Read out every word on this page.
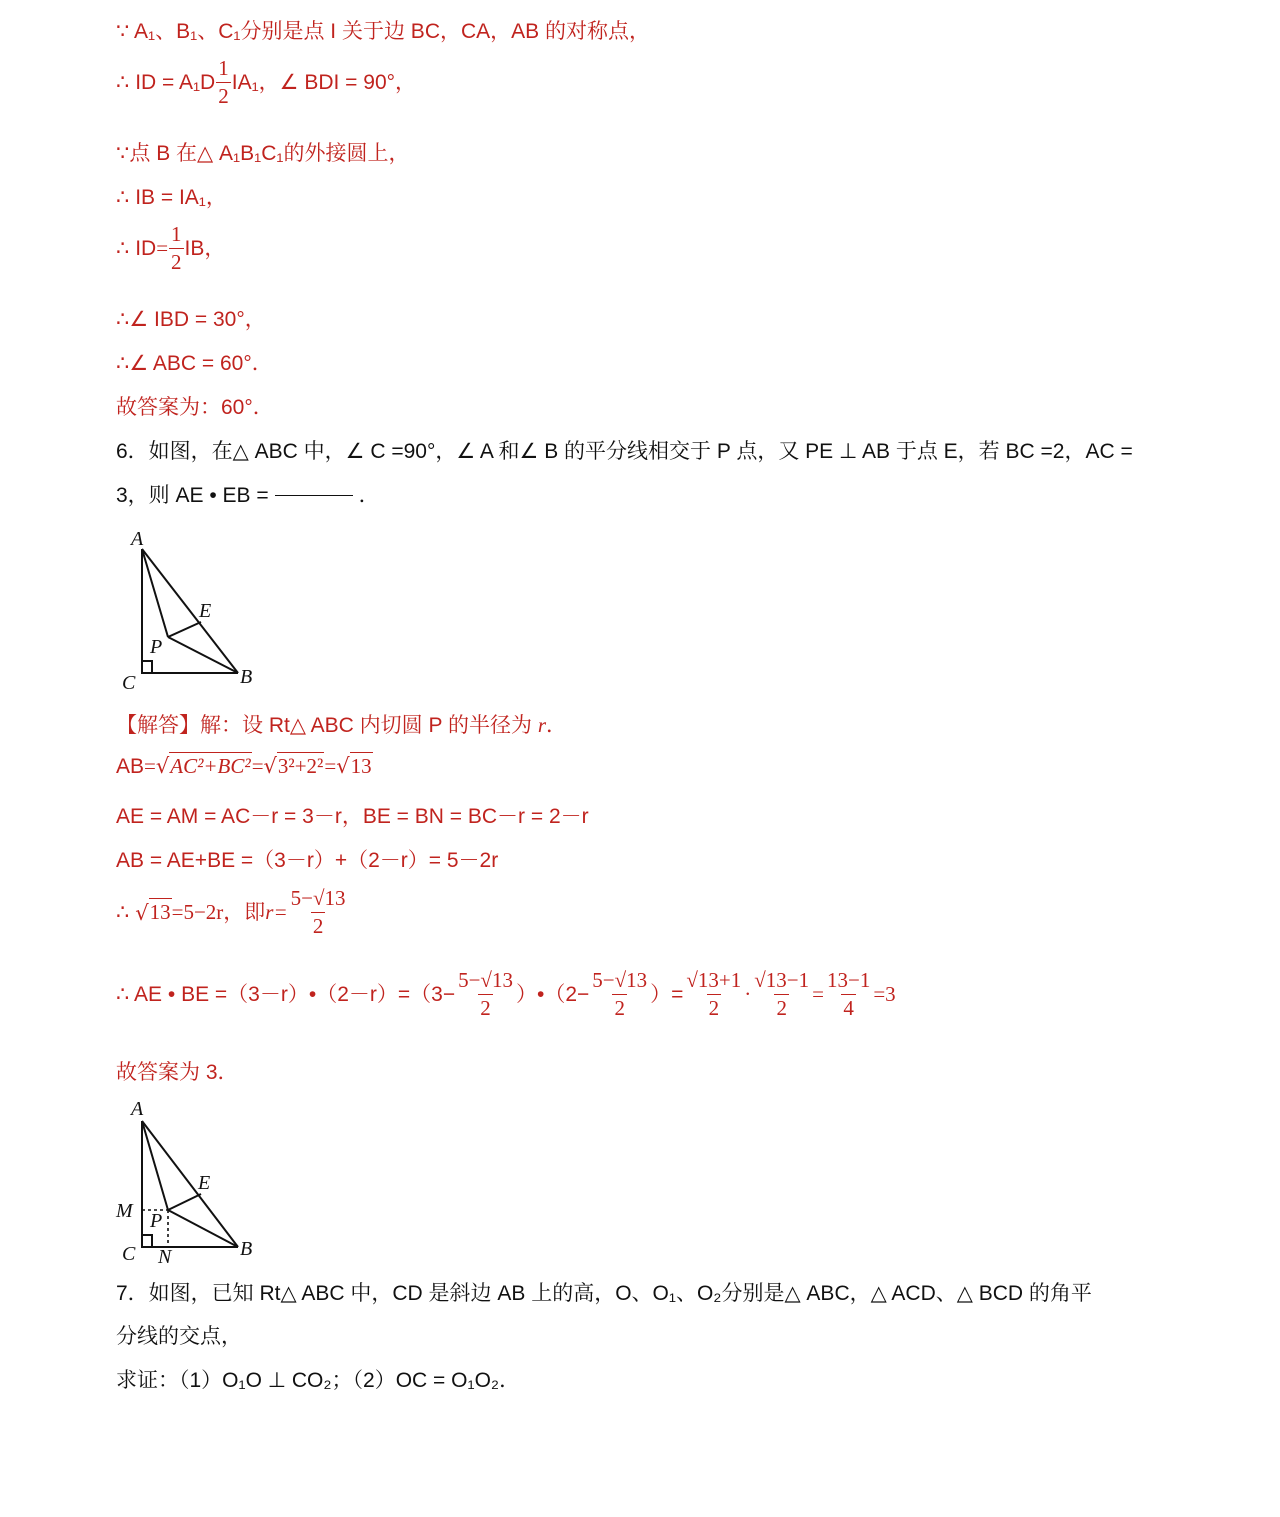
∵ A₁、B₁、C₁分别是点 I 关于边 BC，CA，AB 的对称点，
∴ ID = $A_1D \frac{1}{2} IA_1$，∠ BDI = 90°，
∵点 B 在△ A₁B₁C₁的外接圆上，
∴ IB = IA₁，
∴ $ID= \frac{1}{2}$ IB，
∴∠ IBD = 30°，
∴∠ ABC = 60°．
故答案为：60°．
6．如图，在△ ABC 中，∠ C =90°，∠ A 和∠ B 的平分线相交于 P 点，又 PE ⊥ AB 于点 E，若 BC =2，AC =
3，则 AE • EB =	．
A
E
P
C	B
【解答】解：设 Rt△ ABC 内切圆 P 的半径为 r．
AB=√AC²+BC²=√3²+2²=√13
AE = AM = AC－r = 3－r，BE = BN = BC－r = 2－r
AB = AE+BE =（3－r）+（2－r）= 5－2r
∴ √13=5−2r，即$r= \frac{5-√13}{2}$
∴ AE • BE =（3－r）•（2－r）=（3− $\frac{5-√13}{2}$ ）•（2− $\frac{5-√13}{2}$ ）= $\frac{√13+1}{2} \cdot \frac{√13-1}{2} = \frac{13-1}{4} =3$
故答案为 3．
A
E
M P
C N	B
7．如图，已知 Rt△ ABC 中，CD 是斜边 AB 上的高，O、O₁、O₂分别是△ ABC，△ ACD、△ BCD 的角平
分线的交点，
求证：（1）O₁O ⊥ CO₂；（2）OC = O₁O₂．
